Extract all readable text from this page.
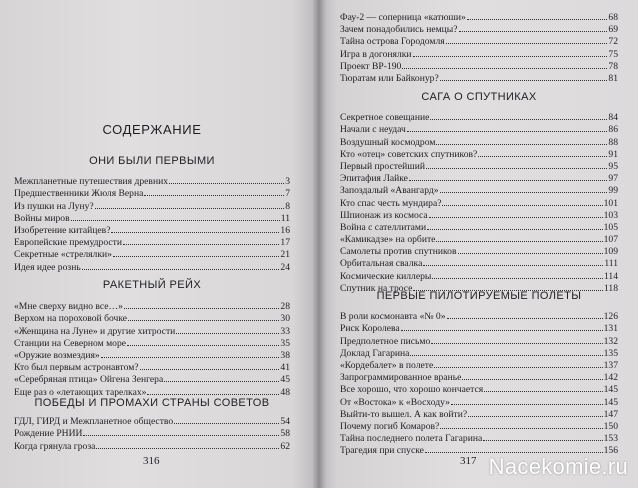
СОДЕРЖАНИЕ
ОНИ БЫЛИ ПЕРВЫМИ
Межпланетные путешествия древних	3
Предшественники Жюля Верна	7
Из пушки на Луну?	8
Войны миров	11
Изобретение китайцев?	16
Европейские премудрости	17
Секретные «стрелялки»	21
Идея идее рознь	24
РАКЕТНЫЙ РЕЙХ
«Мне сверху видно все…»	28
Верхом на пороховой бочке	30
«Женщина на Луне» и другие хитрости	33
Станции на Северном море	35
«Оружие возмездия»	38
Кто был первым астронавтом?	41
«Серебряная птица» Ойгена Зенгера	45
Еще раз о «летающих тарелках»	48
ПОБЕДЫ И ПРОМАХИ СТРАНЫ СОВЕТОВ
ГДЛ, ГИРД и Межпланетное общество	54
Рождение РНИИ	58
Когда грянула гроза	62
316
Фау-2 — соперница «катюши»	68
Зачем понадобились немцы?	69
Тайна острова Городомля	72
Игра в догонялки	75
Проект ВР-190	78
Тюратам или Байконур?	81
САГА О СПУТНИКАХ
Секретное совещание	84
Начали с неудач	86
Воздушный космодром	88
Кто «отец» советских спутников?	91
Первый простейший	95
Эпитафия Лайке	97
Запоздалый «Авангард»	99
Кто спас честь мундира?	101
Шпионаж из космоса	103
Война с сателлитами	105
«Камикадзе» на орбите	107
Самолеты против спутников	109
Орбитальная свалка	111
Космические киллеры	114
Спутник на тросе	118
ПЕРВЫЕ ПИЛОТИРУЕМЫЕ ПОЛЕТЫ
В роли космонавта «№ 0»	126
Риск Королева	131
Предполетное письмо	132
Доклад Гагарина	135
«Кордебалет» в полете	137
Запрограммированное вранье	142
Все хорошо, что хорошо кончается	145
От «Востока» к «Восходу»	145
Выйти-то вышел. А как войти?	147
Почему погиб Комаров?	150
Тайна последнего полета Гагарина	153
Трагедия при спуске	156
317 Nacekomie.ru
